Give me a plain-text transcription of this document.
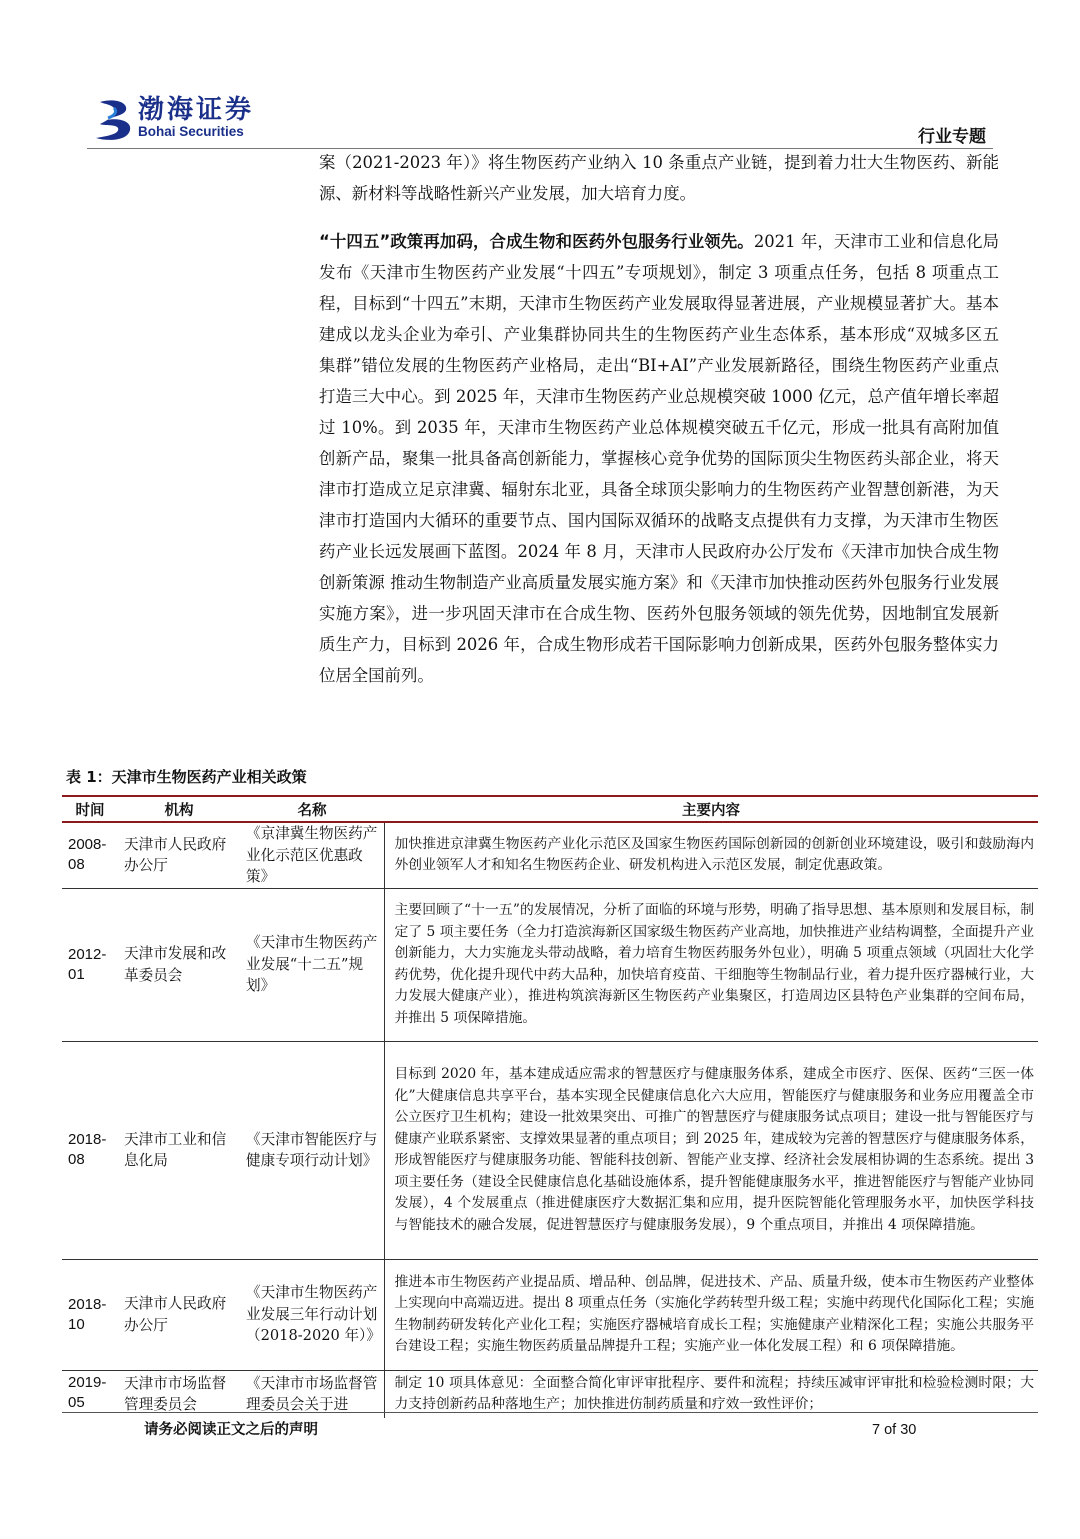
渤海证券
Bohai Securities	行业专题

案（2021-2023 年）》将生物医药产业纳入 10 条重点产业链，提到着力壮大生物医药、新能源、新材料等战略性新兴产业发展，加大培育力度。

“十四五”政策再加码，合成生物和医药外包服务行业领先。2021 年，天津市工业和信息化局发布《天津市生物医药产业发展“十四五”专项规划》，制定 3 项重点任务，包括 8 项重点工程，目标到“十四五”末期，天津市生物医药产业发展取得显著进展，产业规模显著扩大。基本建成以龙头企业为牵引、产业集群协同共生的生物医药产业生态体系，基本形成“双城多区五集群”错位发展的生物医药产业格局，走出“BI+AI”产业发展新路径，围绕生物医药产业重点打造三大中心。到 2025 年，天津市生物医药产业总规模突破 1000 亿元，总产值年增长率超过 10%。到 2035 年，天津市生物医药产业总体规模突破五千亿元，形成一批具有高附加值创新产品，聚集一批具备高创新能力，掌握核心竞争优势的国际顶尖生物医药头部企业，将天津市打造成立足京津冀、辐射东北亚，具备全球顶尖影响力的生物医药产业智慧创新港，为天津市打造国内大循环的重要节点、国内国际双循环的战略支点提供有力支撑，为天津市生物医药产业长远发展画下蓝图。2024 年 8 月，天津市人民政府办公厅发布《天津市加快合成生物创新策源 推动生物制造产业高质量发展实施方案》和《天津市加快推动医药外包服务行业发展实施方案》，进一步巩固天津市在合成生物、医药外包服务领域的领先优势，因地制宜发展新质生产力，目标到 2026 年，合成生物形成若干国际影响力创新成果，医药外包服务整体实力位居全国前列。

表 1：天津市生物医药产业相关政策
时间	机构	名称	主要内容
2008-08	天津市人民政府办公厅	《京津冀生物医药产业化示范区优惠政策》	加快推进京津冀生物医药产业化示范区及国家生物医药国际创新园的创新创业环境建设，吸引和鼓励海内外创业领军人才和知名生物医药企业、研发机构进入示范区发展，制定优惠政策。
2012-01	天津市发展和改革委员会	《天津市生物医药产业发展“十二五”规划》	主要回顾了“十一五”的发展情况，分析了面临的环境与形势，明确了指导思想、基本原则和发展目标，制定了 5 项主要任务（全力打造滨海新区国家级生物医药产业高地，加快推进产业结构调整，全面提升产业创新能力，大力实施龙头带动战略，着力培育生物医药服务外包业），明确 5 项重点领域（巩固壮大化学药优势，优化提升现代中药大品种，加快培育疫苗、干细胞等生物制品行业，着力提升医疗器械行业，大力发展大健康产业），推进构筑滨海新区生物医药产业集聚区，打造周边区县特色产业集群的空间布局，并推出 5 项保障措施。
2018-08	天津市工业和信息化局	《天津市智能医疗与健康专项行动计划》	目标到 2020 年，基本建成适应需求的智慧医疗与健康服务体系，建成全市医疗、医保、医药“三医一体化”大健康信息共享平台，基本实现全民健康信息化六大应用，智能医疗与健康服务和业务应用覆盖全市公立医疗卫生机构；建设一批效果突出、可推广的智慧医疗与健康服务试点项目；建设一批与智能医疗与健康产业联系紧密、支撑效果显著的重点项目；到 2025 年，建成较为完善的智慧医疗与健康服务体系，形成智能医疗与健康服务功能、智能科技创新、智能产业支撑、经济社会发展相协调的生态系统。提出 3 项主要任务（建设全民健康信息化基础设施体系，提升智能健康服务水平，推进智能医疗与智能产业协同发展），4 个发展重点（推进健康医疗大数据汇集和应用，提升医院智能化管理服务水平，加快医学科技与智能技术的融合发展，促进智慧医疗与健康服务发展），9 个重点项目，并推出 4 项保障措施。
2018-10	天津市人民政府办公厅	《天津市生物医药产业发展三年行动计划（2018-2020 年）》	推进本市生物医药产业提品质、增品种、创品牌，促进技术、产品、质量升级，使本市生物医药产业整体上实现向中高端迈进。提出 8 项重点任务（实施化学药转型升级工程；实施中药现代化国际化工程；实施生物制药研发转化产业化工程；实施医疗器械培育成长工程；实施健康产业精深化工程；实施公共服务平台建设工程；实施生物医药质量品牌提升工程；实施产业一体化发展工程）和 6 项保障措施。
2019-05	天津市市场监督管理委员会	《天津市市场监督管理委员会关于进	制定 10 项具体意见：全面整合简化审评审批程序、要件和流程；持续压减审评审批和检验检测时限；大力支持创新药品种落地生产；加快推进仿制药质量和疗效一致性评价；
请务必阅读正文之后的声明	7 of 30
